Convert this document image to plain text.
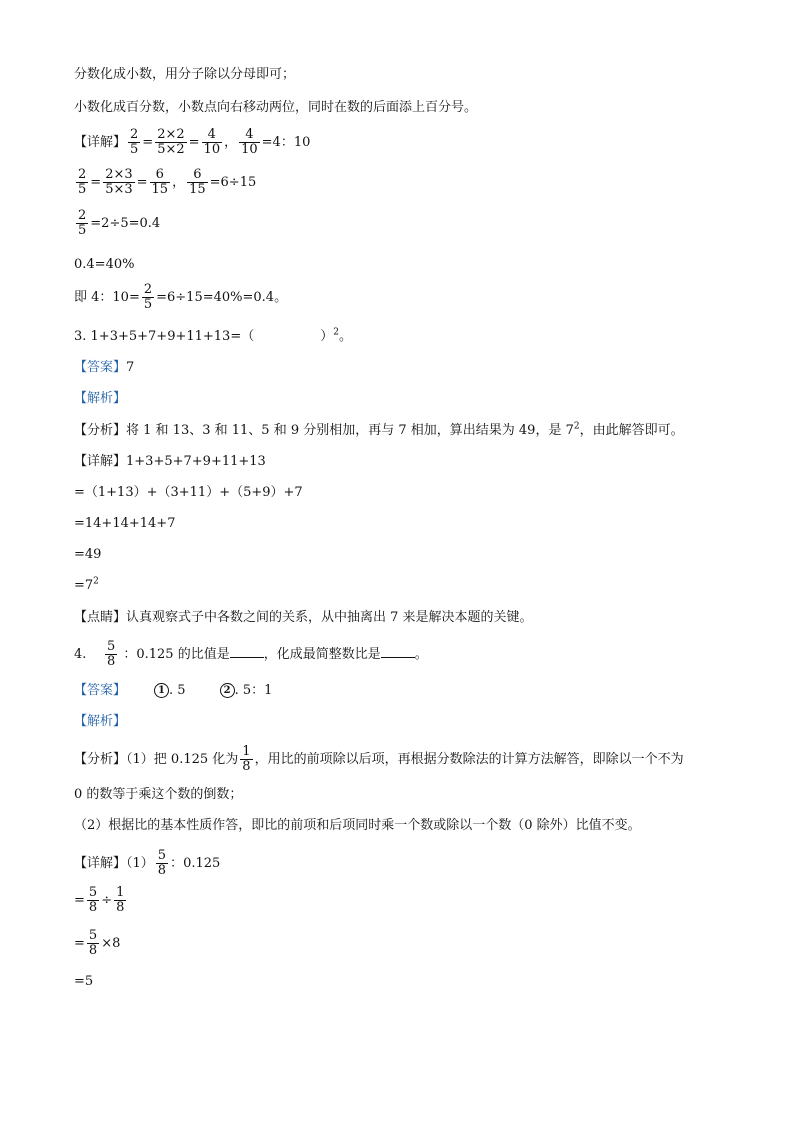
分数化成小数，用分子除以分母即可；
小数化成百分数，小数点向右移动两位，同时在数的后面添上百分号。
【详解】 $\frac{2}{5} = \frac{2\times 2}{5\times 2} = \frac{4}{10}$ ， $\frac{4}{10} =4$：10
$\frac{2}{5} = \frac{2\times 3}{5\times 3} = \frac{6}{15}$ ， $\frac{6}{15} =6\div 15$
$\frac{2}{5} =2\div 5=0.4$
0.4=40%
即 4：$10= \frac{2}{5} =6\div 15=40\%=0.4$。
3. 1+3+5+7+9+11+13=（	）$^2$。
【答案】7
【解析】
【分析】将 1 和 13、3 和 11、5 和 9 分别相加，再与 7 相加，算出结果为 49，是 $7^2$，由此解答即可。
【详解】1+3+5+7+9+11+13
=（1+13）+（3+11）+（5+9）+7
=14+14+14+7
=49
$=7^2$
【点睛】认真观察式子中各数之间的关系，从中抽离出 7 来是解决本题的关键。
4. $\frac{5}{8}$ ：0.125 的比值是	，化成最简整数比是	。
【答案】	1 . 5	2 . 5：1
【解析】
【分析】（1）把 0.125 化为 $\frac{1}{8}$ ，用比的前项除以后项，再根据分数除法的计算方法解答，即除以一个不为
0 的数等于乘这个数的倒数；
（2）根据比的基本性质作答，即比的前项和后项同时乘一个数或除以一个数（0 除外）比值不变。
【详解】$(1) \frac{5}{8}$ ：0.125
= $\frac{5}{8} \div \frac{1}{8}$
= $\frac{5}{8} \times 8$
=5
